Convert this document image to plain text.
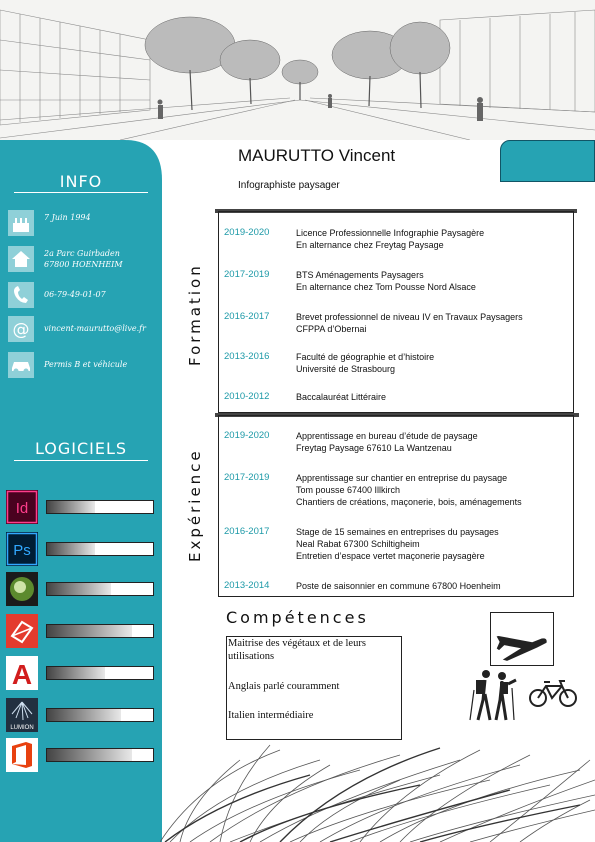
INFO
7 Juin 1994
2a Parc Guirbaden
67800 HOENHEIM
06-79-49-01-07
@ vincent-maurutto@live.fr
Permis B et véhicule
LOGICIELS
Id
Ps
A
LUMION
MAURUTTO Vincent
Infographiste paysager
Formation
2019-2020	Licence Professionnelle Infographie Paysagère
En alternance chez Freytag Paysage
2017-2019	BTS Aménagements Paysagers
En alternance chez Tom Pousse Nord Alsace
2016-2017	Brevet professionnel de niveau IV en Travaux Paysagers
CFPPA d’Obernai
2013-2016	Faculté de géographie et d’histoire
Université de Strasbourg
2010-2012	Baccalauréat Littéraire
Expérience
2019-2020	Apprentissage en bureau d’étude de paysage
Freytag Paysage 67610 La Wantzenau
2017-2019	Apprentissage sur chantier en entreprise du paysage
Tom pousse 67400 Illkirch
Chantiers de créations, maçonerie, bois, aménagements
2016-2017	Stage de 15 semaines en entreprises du paysages
Neal Rabat 67300 Schiltigheim
Entretien d’espace vertet maçonerie paysagère
2013-2014	Poste de saisonnier en commune 67800 Hoenheim
Compétences
Maitrise des végétaux et de leurs utilisations
Anglais parlé couramment
Italien intermédiaire
